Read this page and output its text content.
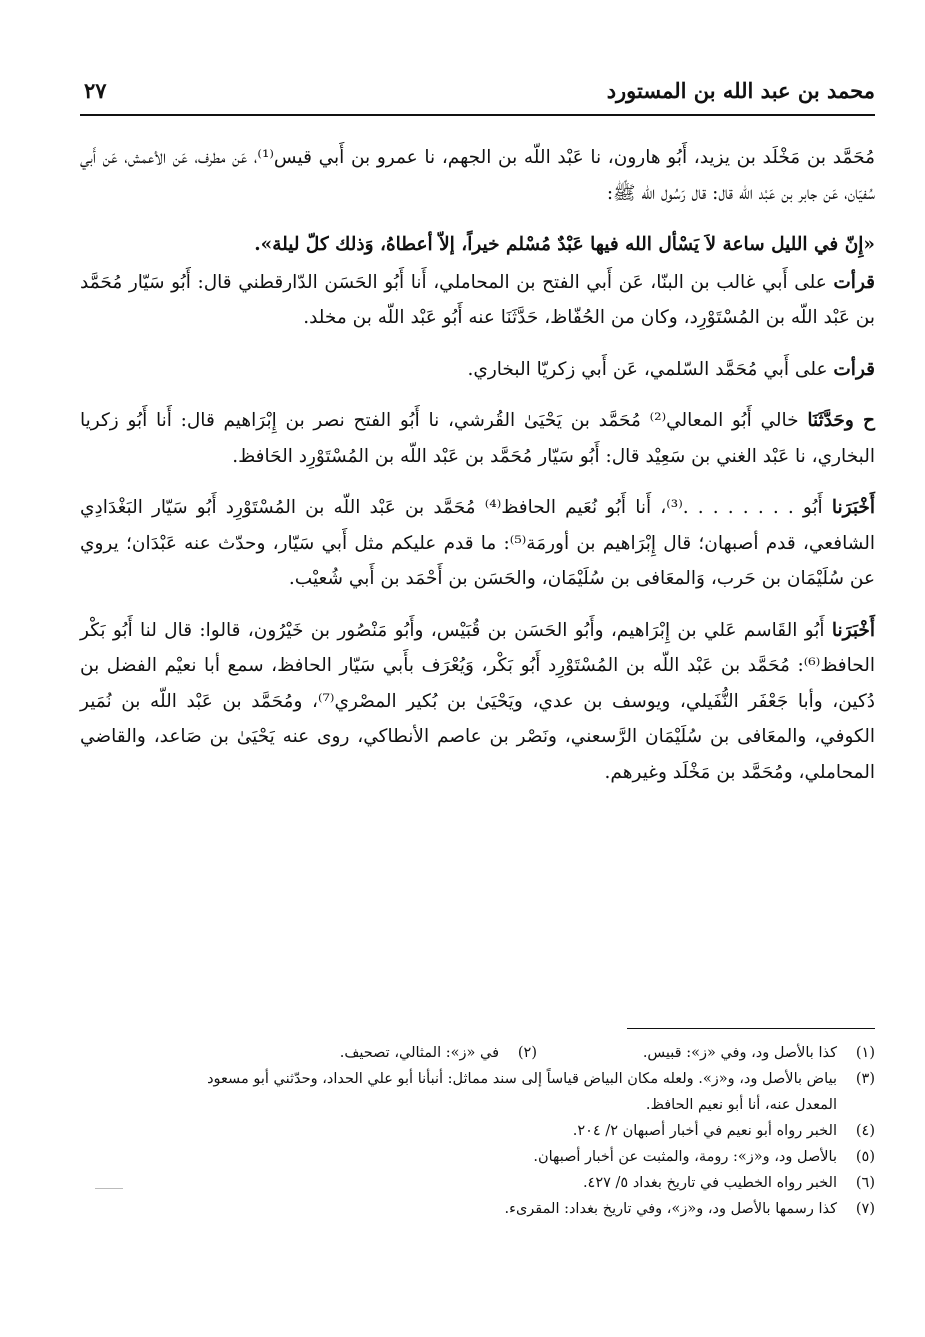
محمد بن عبد الله بن المستورد
٢٧

مُحَمَّد بن مَخْلَد بن يزيد، أَبُو هارون، نا عَبْد اللّه بن الجهم، نا عمرو بن أَبي قيس⁽¹⁾، عَن مطرف، عَن الأعمش، عَن أَبي سُفيَان، عَن جابر بن عَبْد اللّه قال: قال رَسُول الله ﷺ:

«إِنّ في الليل ساعة لاَ يَسْأل الله فيها عَبْدٌ مُسْلم خيراً، إلاّ أعطاهُ، وَذلك كلّ ليلة».

قرأت على أَبي غالب بن البنّا، عَن أَبي الفتح بن المحاملي، أَنا أَبُو الحَسَن الدّارقطني قال: أَبُو سَيّار مُحَمَّد بن عَبْد اللّه بن المُسْتَوْرِد، وكان من الحُفّاظ، حَدَّثَنَا عنه أَبُو عَبْد اللّه بن مخلد.

قرأت على أَبي مُحَمَّد السّلمي، عَن أَبي زكريّا البخاري.

ح وحَدَّثَنَا خالي أَبُو المعالي⁽²⁾ مُحَمَّد بن يَحْيَىٰ القُرشي، نا أَبُو الفتح نصر بن إِبْرَاهيم قال: أَنا أَبُو زكريا البخاري، نا عَبْد الغني بن سَعِيْد قال: أَبُو سَيّار مُحَمَّد بن عَبْد اللّه بن المُسْتَوْرِد الحَافظ.

أَخْبَرَنا أَبُو . . . . . . . .⁽³⁾، أَنا أَبُو نُعَيم الحافظ⁽⁴⁾ مُحَمَّد بن عَبْد اللّه بن المُسْتَوْرِد أَبُو سَيّار البَغْدَادِي الشافعي، قدم أصبهان؛ قال إِبْرَاهيم بن أورمَة⁽⁵⁾: ما قدم عليكم مثل أَبي سَيّار، وحدّث عنه عَبْدَان؛ يروي عن سُلَيْمَان بن حَرب، وَالمعَافى بن سُلَيْمَان، والحَسَن بن أَحْمَد بن أَبي شُعيْب.

أَخْبَرَنا أَبُو القَاسم عَلي بن إِبْرَاهيم، وأَبُو الحَسَن بن قُبَيْس، وأَبُو مَنْصُور بن خَيْرُون، قالوا: قال لنا أَبُو بَكْر الحافظ⁽⁶⁾: مُحَمَّد بن عَبْد اللّه بن المُسْتَوْرِد أَبُو بَكْر، وَيُعْرَف بأَبي سَيّار الحافظ، سمع أبا نعيْم الفضل بن دُكين، وأبا جَعْفَر النُّفَيلي، ويوسف بن عدي، ويَحْيَىٰ بن بُكير المصْري⁽⁷⁾، ومُحَمَّد بن عَبْد اللّه بن نُمَير الكوفي، والمعَافى بن سُلَيْمَان الرَّسعني، ونَصْر بن عاصم الأنطاكي، روى عنه يَحْيَىٰ بن صَاعد، والقاضي المحاملي، ومُحَمَّد بن مَخْلَد وغيرهم.

(١)
كذا بالأصل ود، وفي «ز»: قبيس.
(٢)
في «ز»: المثالي، تصحيف.
(٣)
بياض بالأصل ود، و«ز». ولعله مكان البياض قياساً إلى سند مماثل: أنبأنا أبو علي الحداد، وحدّثني أبو مسعود
المعدل عنه، أنا أبو نعيم الحافظ.
(٤)
الخبر رواه أبو نعيم في أخبار أصبهان ٢/ ٢٠٤.
(٥)
بالأصل ود، و«ز»: رومة، والمثبت عن أخبار أصبهان.
(٦)
الخبر رواه الخطيب في تاريخ بغداد ٥/ ٤٢٧.
(٧)
كذا رسمها بالأصل ود، و«ز»، وفي تاريخ بغداد: المقرىء.
